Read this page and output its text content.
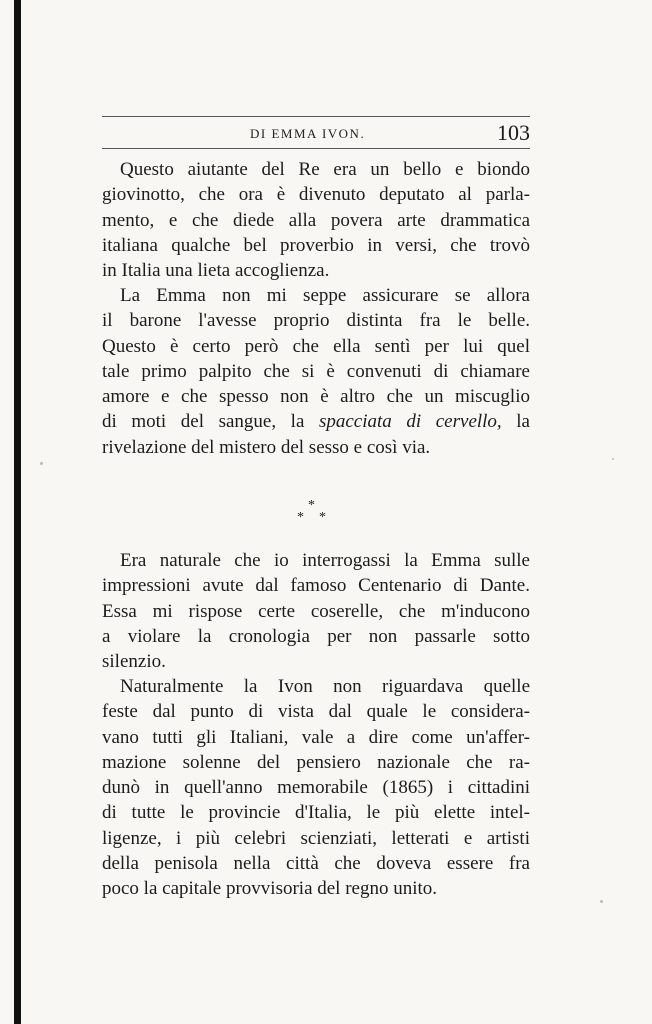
DI EMMA IVON.	103
Questo aiutante del Re era un bello e biondo
giovinotto, che ora è divenuto deputato al parla-
mento, e che diede alla povera arte drammatica
italiana qualche bel proverbio in versi, che trovò
in Italia una lieta accoglienza.
La Emma non mi seppe assicurare se allora
il barone l'avesse proprio distinta fra le belle.
Questo è certo però che ella sentì per lui quel
tale primo palpito che si è convenuti di chiamare
amore e che spesso non è altro che un miscuglio
di moti del sangue, la spacciata di cervello, la
rivelazione del mistero del sesso e così via.
*
* *
Era naturale che io interrogassi la Emma sulle
impressioni avute dal famoso Centenario di Dante.
Essa mi rispose certe coserelle, che m'inducono
a violare la cronologia per non passarle sotto
silenzio.
Naturalmente la Ivon non riguardava quelle
feste dal punto di vista dal quale le considera-
vano tutti gli Italiani, vale a dire come un'affer-
mazione solenne del pensiero nazionale che ra-
dunò in quell'anno memorabile (1865) i cittadini
di tutte le provincie d'Italia, le più elette intel-
ligenze, i più celebri scienziati, letterati e artisti
della penisola nella città che doveva essere fra
poco la capitale provvisoria del regno unito.
